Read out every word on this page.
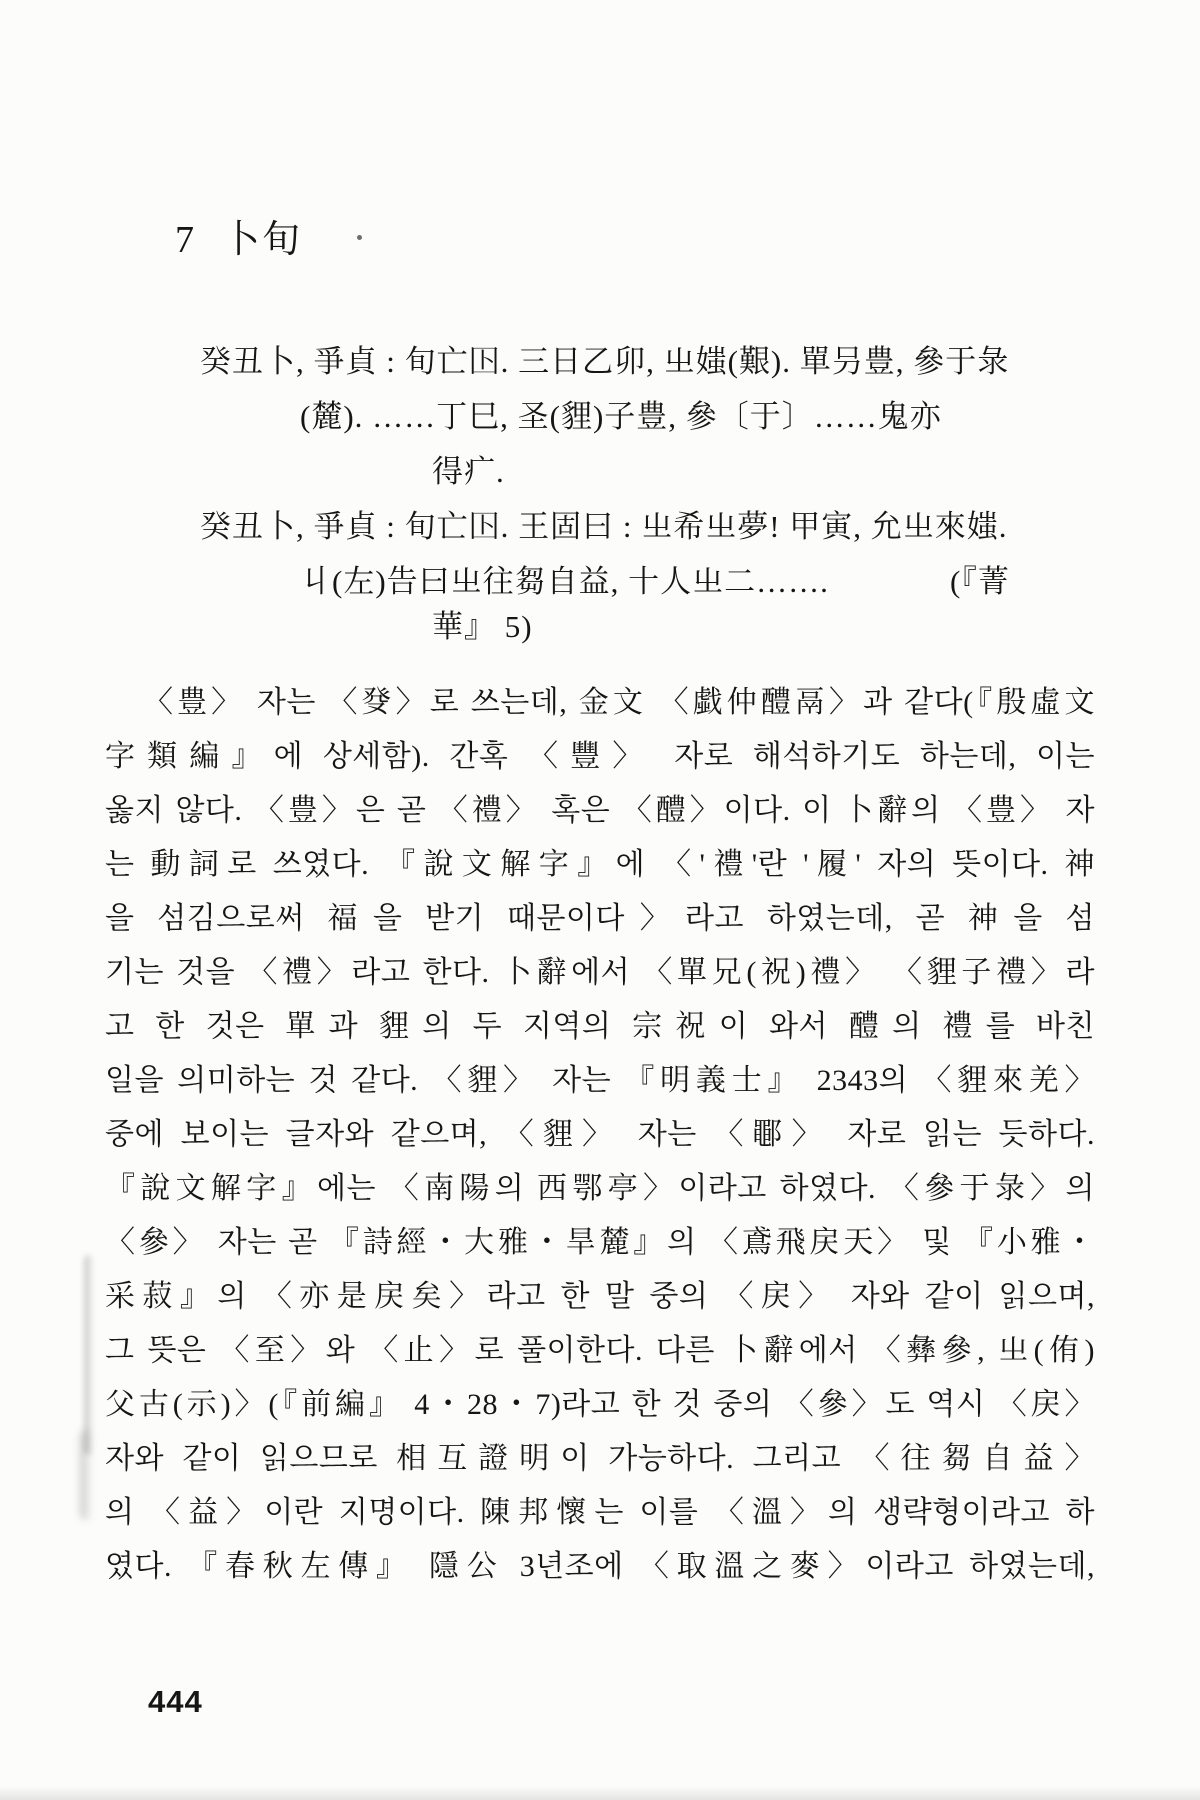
7 卜旬
癸丑卜, 爭貞 : 旬亡𡆥. 三日乙卯, 㞢媸(艱). 單叧豊, 參于彔
(麓). ……丁巳, 圣(貍)子豊, 參〔于〕……鬼亦
得疒.
癸丑卜, 爭貞 : 旬亡𡆥. 王固曰 : 㞢希㞢夢! 甲寅, 允㞢來媸.
丩(左)告曰㞢往芻自益, 十人㞢二…….	(『菁
華』 5)
〈豊〉 자는 〈癹〉로 쓰는데, 金文 〈戱仲醴鬲〉과 같다(『殷虛文
字類編』에 상세함). 간혹 〈豐〉 자로 해석하기도 하는데, 이는
옳지 않다. 〈豊〉은 곧 〈禮〉 혹은 〈醴〉이다. 이 卜辭의 〈豊〉 자
는 動詞로 쓰였다. 『說文解字』에 〈'禮'란 '履' 자의 뜻이다. 神
을 섬김으로써 福을 받기 때문이다〉라고 하였는데, 곧 神을 섬
기는 것을 〈禮〉라고 한다. 卜辭에서 〈單兄(祝)禮〉 〈貍子禮〉라
고 한 것은 單과 貍의 두 지역의 宗祝이 와서 醴의 禮를 바친
일을 의미하는 것 같다. 〈貍〉 자는 『明義士』 2343의 〈貍來羌〉
중에 보이는 글자와 같으며, 〈貍〉 자는 〈鄳〉 자로 읽는 듯하다.
『說文解字』에는 〈南陽의 西鄂亭〉이라고 하였다. 〈參于彔〉의
〈參〉 자는 곧 『詩經・大雅・旱麓』의 〈鳶飛戻天〉 및 『小雅・
采菽』의 〈亦是戻矣〉라고 한 말 중의 〈戻〉 자와 같이 읽으며,
그 뜻은 〈至〉와 〈止〉로 풀이한다. 다른 卜辭에서 〈彝參, 㞢(侑)
父古(示)〉(『前編』 4・28・7)라고 한 것 중의 〈參〉도 역시 〈戻〉
자와 같이 읽으므로 相互證明이 가능하다. 그리고 〈往芻自益〉
의 〈益〉이란 지명이다. 陳邦懷는 이를 〈溫〉의 생략형이라고 하
였다. 『春秋左傳』 隱公 3년조에 〈取溫之麥〉이라고 하였는데,
444
